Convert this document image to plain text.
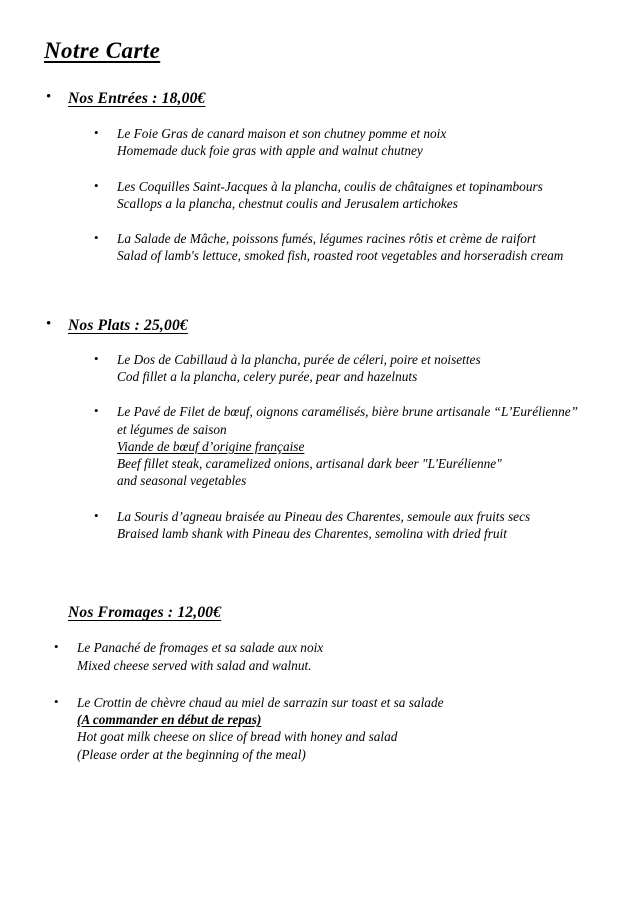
Notre Carte
• Nos Entrées : 18,00€
• Le Foie Gras de canard maison et son chutney pomme et noix
Homemade duck foie gras with apple and walnut chutney
• Les Coquilles Saint-Jacques à la plancha, coulis de châtaignes et topinambours
Scallops a la plancha, chestnut coulis and Jerusalem artichokes
• La Salade de Mâche, poissons fumés, légumes racines rôtis et crème de raifort
Salad of lamb's lettuce, smoked fish, roasted root vegetables and horseradish cream
• Nos Plats : 25,00€
• Le Dos de Cabillaud à la plancha, purée de céleri, poire et noisettes
Cod fillet a la plancha, celery purée, pear and hazelnuts
• Le Pavé de Filet de bœuf, oignons caramélisés, bière brune artisanale “L’Eurélienne”
et légumes de saison
Viande de bœuf d’origine française
Beef fillet steak, caramelized onions, artisanal dark beer "L'Eurélienne"
and seasonal vegetables
• La Souris d’agneau braisée au Pineau des Charentes, semoule aux fruits secs
Braised lamb shank with Pineau des Charentes, semolina with dried fruit
Nos Fromages : 12,00€
• Le Panaché de fromages et sa salade aux noix
Mixed cheese served with salad and walnut.
• Le Crottin de chèvre chaud au miel de sarrazin sur toast et sa salade
(A commander en début de repas)
Hot goat milk cheese on slice of bread with honey and salad
(Please order at the beginning of the meal)
